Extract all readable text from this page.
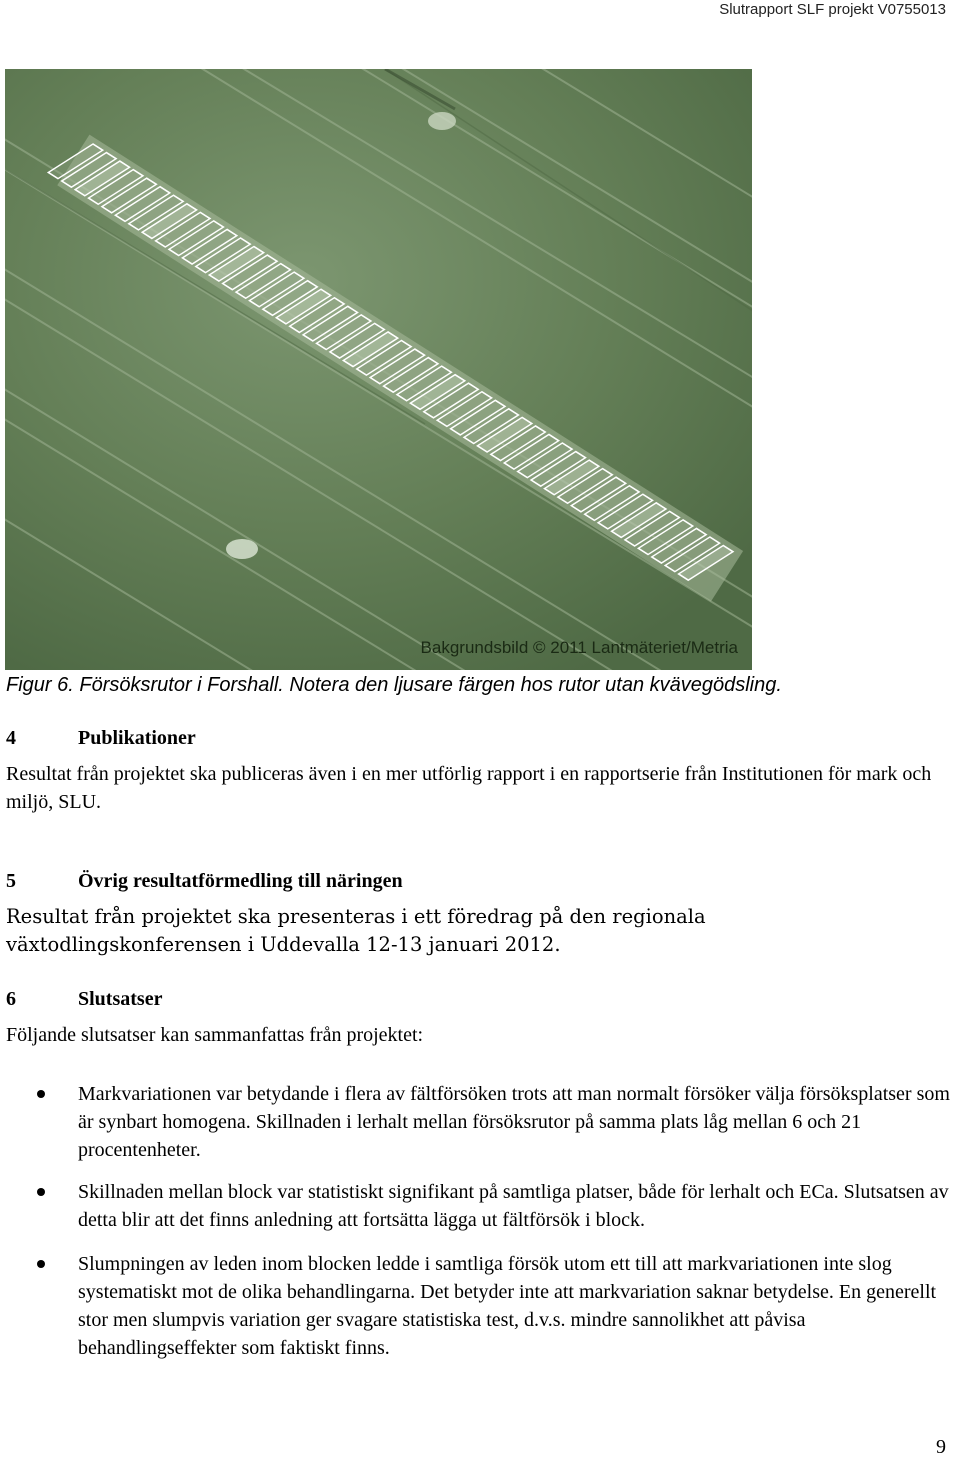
Slutrapport SLF projekt V0755013
Bakgrundsbild © 2011 Lantmäteriet/Metria
Figur 6. Försöksrutor i Forshall. Notera den ljusare färgen hos rutor utan kvävegödsling.
4	Publikationer
Resultat från projektet ska publiceras även i en mer utförlig rapport i en rapportserie från Institutionen för mark och miljö, SLU.
5	Övrig resultatförmedling till näringen
Resultat från projektet ska presenteras i ett föredrag på den regionala växtodlingskonferensen i Uddevalla 12-13 januari 2012.
6	Slutsatser
Följande slutsatser kan sammanfattas från projektet:
Markvariationen var betydande i flera av fältförsöken trots att man normalt försöker välja försöksplatser som är synbart homogena. Skillnaden i lerhalt mellan försöksrutor på samma plats låg mellan 6 och 21 procentenheter.
Skillnaden mellan block var statistiskt signifikant på samtliga platser, både för lerhalt och ECa. Slutsatsen av detta blir att det finns anledning att fortsätta lägga ut fältförsök i block.
Slumpningen av leden inom blocken ledde i samtliga försök utom ett till att markvariationen inte slog systematiskt mot de olika behandlingarna. Det betyder inte att markvariation saknar betydelse. En generellt stor men slumpvis variation ger svagare statistiska test, d.v.s. mindre sannolikhet att påvisa behandlingseffekter som faktiskt finns.
9
